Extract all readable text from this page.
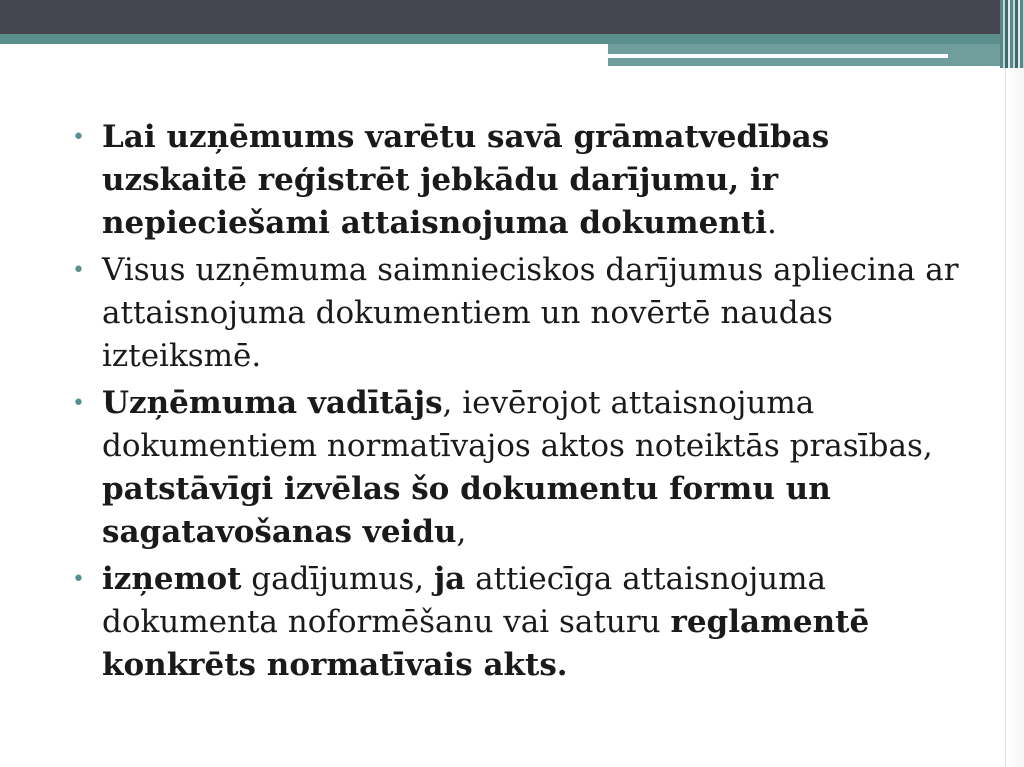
• Lai uzņēmums varētu savā grāmatvedības uzskaitē reģistrēt jebkādu darījumu, ir nepieciešami attaisnojuma dokumenti.
• Visus uzņēmuma saimnieciskos darījumus apliecina ar attaisnojuma dokumentiem un novērtē naudas izteiksmē.
• Uzņēmuma vadītājs, ievērojot attaisnojuma dokumentiem normatīvajos aktos noteiktās prasības, patstāvīgi izvēlas šo dokumentu formu un sagatavošanas veidu,
• izņemot gadījumus, ja attiecīga attaisnojuma dokumenta noformēšanu vai saturu reglamentē konkrēts normatīvais akts.
